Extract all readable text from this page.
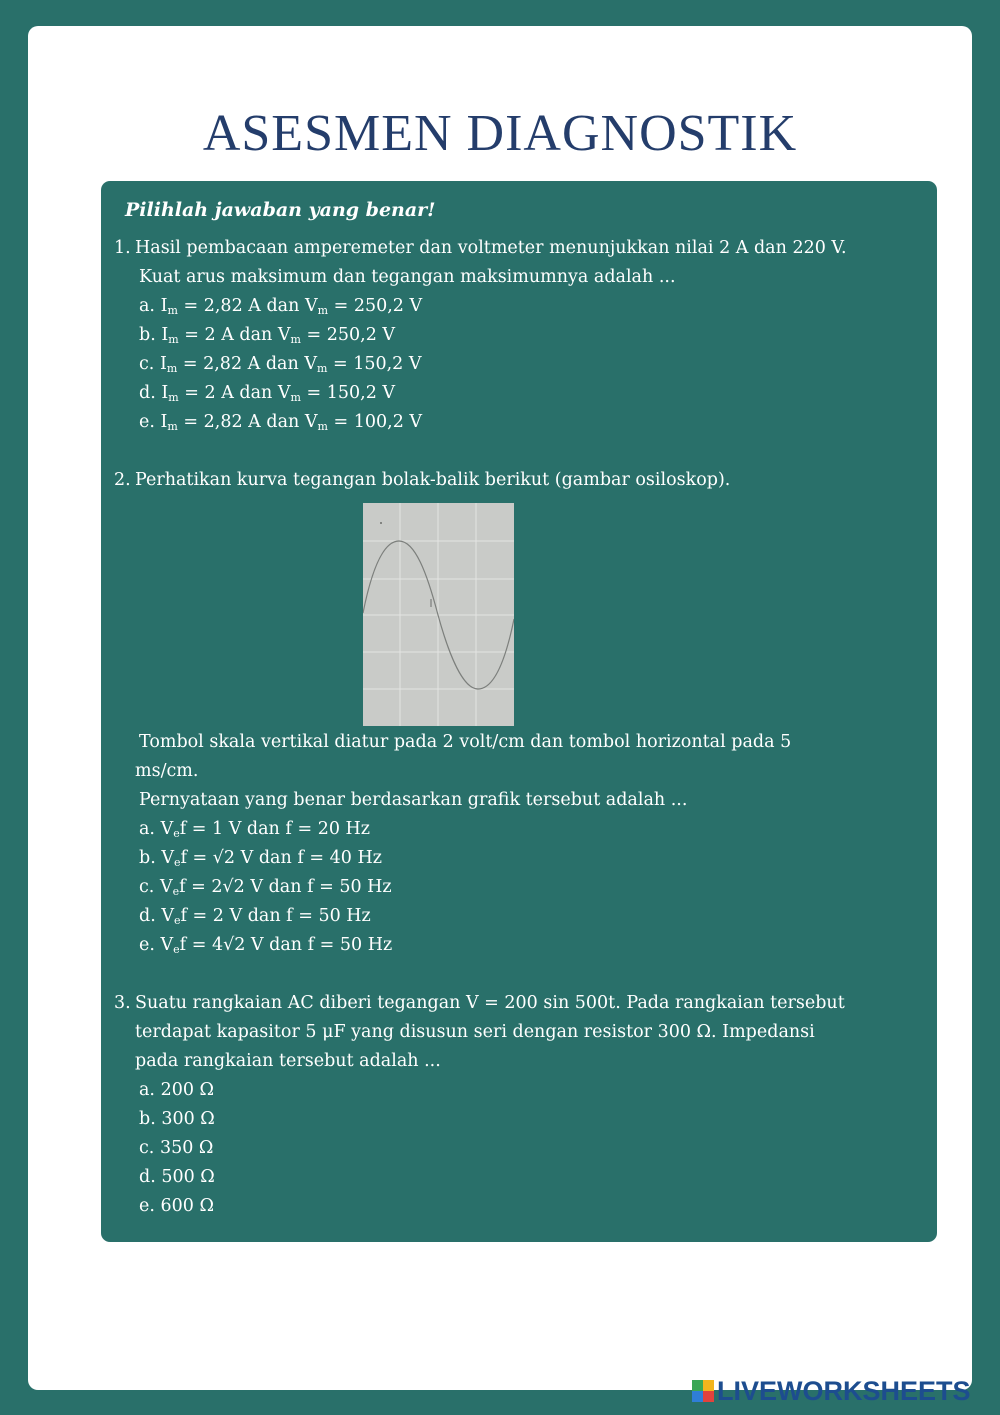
ASESMEN DIAGNOSTIK
Pilihlah jawaban yang benar!
1. Hasil pembacaan amperemeter dan voltmeter menunjukkan nilai 2 A dan 220 V.
Kuat arus maksimum dan tegangan maksimumnya adalah ...
a. $I_m = 2,82$ A dan $V_m = 250,2$ V
b. $I_m = 2$ A dan $V_m = 250,2$ V
c. $I_m = 2,82$ A dan $V_m = 150,2$ V
d. $I_m = 2$ A dan $V_m = 150,2$ V
e. $I_m = 2,82$ A dan $V_m = 100,2$ V
2. Perhatikan kurva tegangan bolak-balik berikut (gambar osiloskop).
Tombol skala vertikal diatur pada 2 volt/cm dan tombol horizontal pada 5
ms/cm.
Pernyataan yang benar berdasarkan grafik tersebut adalah ...
a. $V_ef = 1$ V dan f = 20 Hz
b. $V_ef = √2$ V dan f = 40 Hz
c. $V_ef = 2√2$ V dan f = 50 Hz
d. $V_ef = 2$ V dan f = 50 Hz
e. $V_ef = 4√2$ V dan f = 50 Hz
3. Suatu rangkaian AC diberi tegangan V = 200 sin 500t. Pada rangkaian tersebut
terdapat kapasitor 5 μF yang disusun seri dengan resistor 300 Ω. Impedansi
pada rangkaian tersebut adalah ...
a. 200 Ω
b. 300 Ω
c. 350 Ω
d. 500 Ω
e. 600 Ω
LIVEWORKSHEETS
